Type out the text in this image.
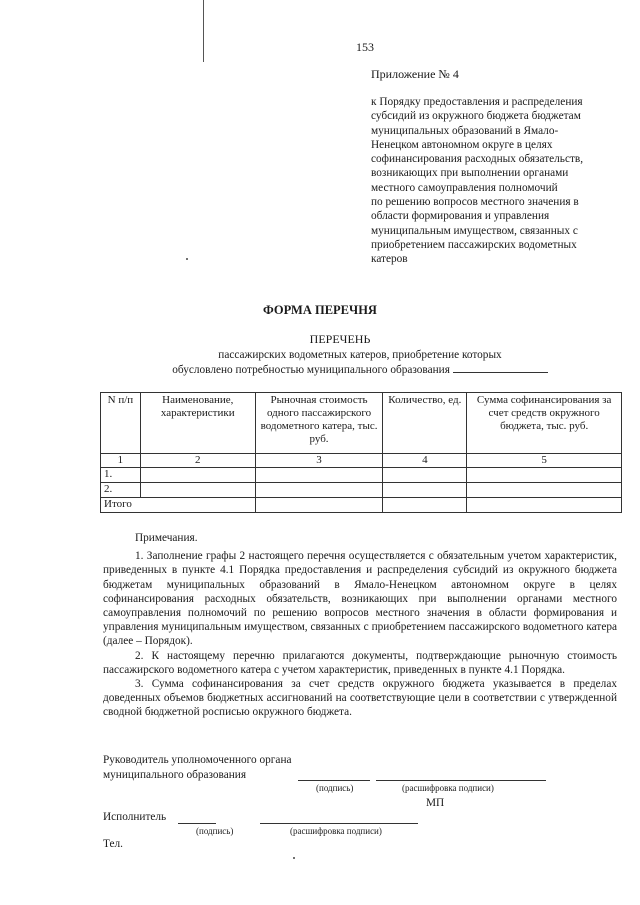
153
Приложение № 4
к Порядку предоставления и распределения
субсидий из окружного бюджета бюджетам
муниципальных образований в Ямало-
Ненецком автономном округе в целях
софинансирования расходных обязательств,
возникающих при выполнении органами
местного самоуправления полномочий
по решению вопросов местного значения в
области формирования и управления
муниципальным имуществом, связанных с
приобретением пассажирских водометных
катеров
ФОРМА ПЕРЕЧНЯ
ПЕРЕЧЕНЬ
пассажирских водометных катеров, приобретение которых
обусловлено потребностью муниципального образования
N п/п	Наименование, характеристики	Рыночная стоимость одного пассажирского водометного катера, тыс. руб.	Количество, ед.	Сумма софинансирования за счет средств окружного бюджета, тыс. руб.
1	2	3	4	5
1.				
2.				
Итого				
Примечания.

1. Заполнение графы 2 настоящего перечня осуществляется с обязательным учетом характеристик, приведенных в пункте 4.1 Порядка предоставления и распределения субсидий из окружного бюджета бюджетам муниципальных образований в Ямало-Ненецком автономном округе в целях софинансирования расходных обязательств, возникающих при выполнении органами местного самоуправления полномочий по решению вопросов местного значения в области формирования и управления муниципальным имуществом, связанных с приобретением пассажирского водометного катера (далее – Порядок).

2. К настоящему перечню прилагаются документы, подтверждающие рыночную стоимость пассажирского водометного катера с учетом характеристик, приведенных в пункте 4.1 Порядка.

3. Сумма софинансирования за счет средств окружного бюджета указывается в пределах доведенных объемов бюджетных ассигнований на соответствующие цели в соответствии с утвержденной сводной бюджетной росписью окружного бюджета.

Руководитель уполномоченного органа
муниципального образования
(подпись)	(расшифровка подписи)
МП
Исполнитель
(подпись)	(расшифровка подписи)
Тел.
